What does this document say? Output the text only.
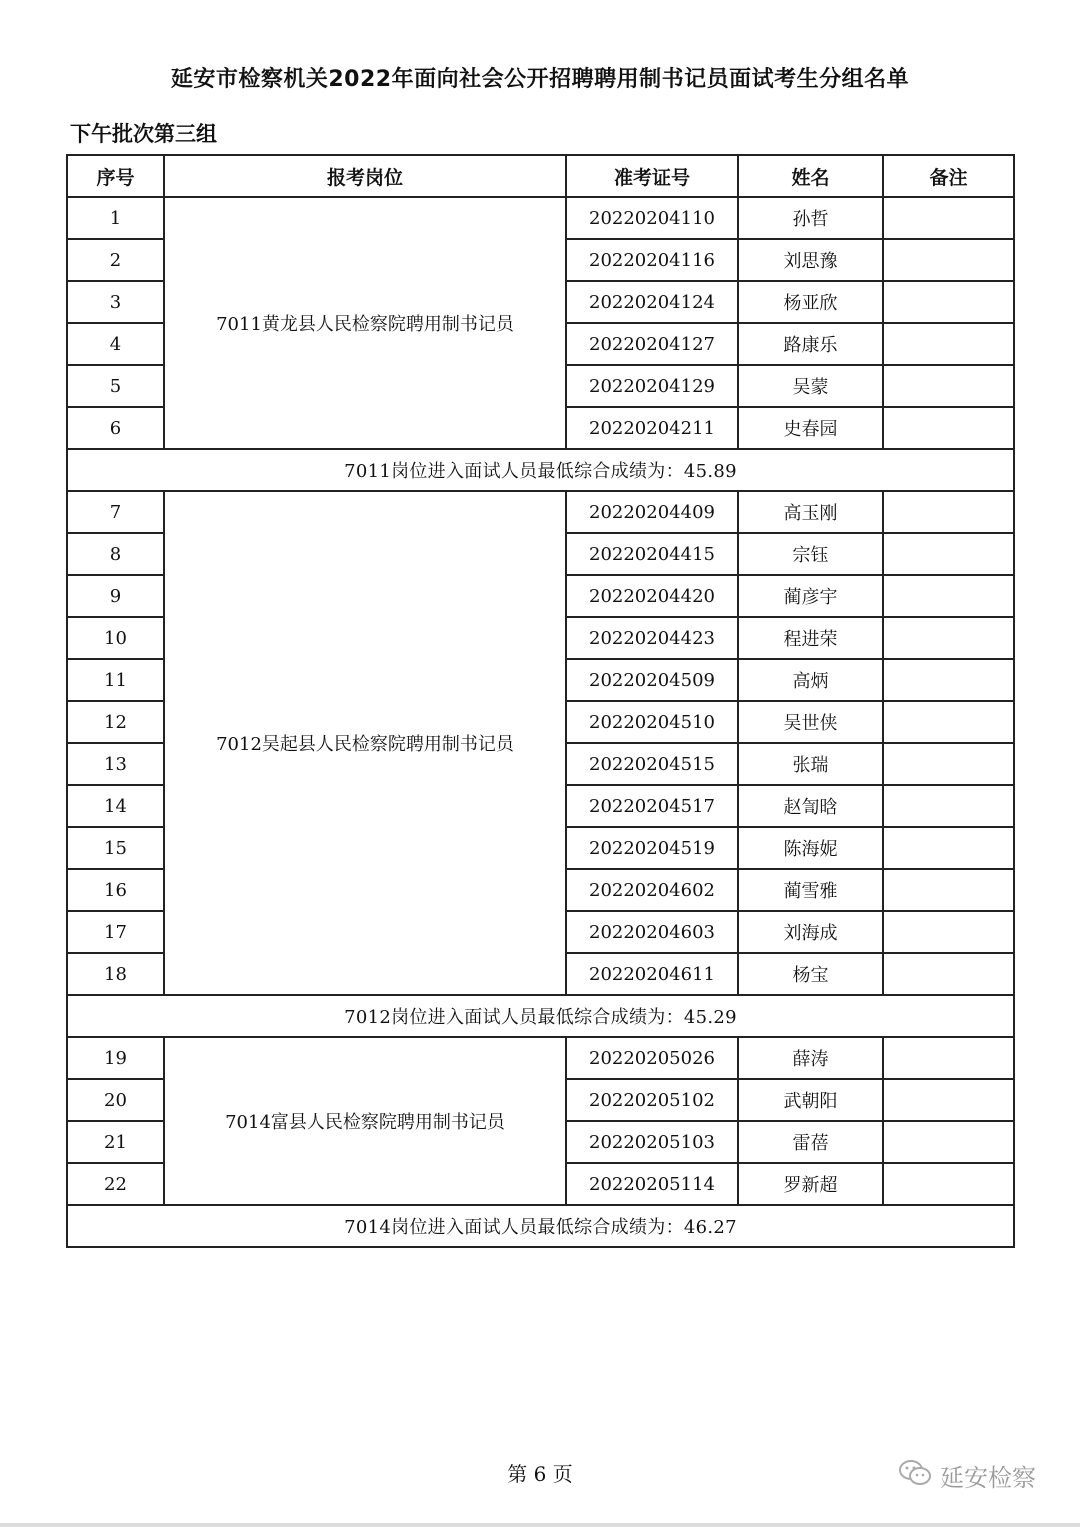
延安市检察机关2022年面向社会公开招聘聘用制书记员面试考生分组名单
下午批次第三组
序号	报考岗位	准考证号	姓名	备注
1	7011黄龙县人民检察院聘用制书记员	20220204110	孙哲	
2		20220204116	刘思豫	
3		20220204124	杨亚欣	
4		20220204127	路康乐	
5		20220204129	吴蒙	
6		20220204211	史春园	
7011岗位进入面试人员最低综合成绩为：45.89				
7	7012吴起县人民检察院聘用制书记员	20220204409	高玉刚	
8		20220204415	宗钰	
9		20220204420	蔺彦宇	
10		20220204423	程进荣	
11		20220204509	高炳	
12		20220204510	吴世侠	
13		20220204515	张瑞	
14		20220204517	赵訇晗	
15		20220204519	陈海妮	
16		20220204602	蔺雪雅	
17		20220204603	刘海成	
18		20220204611	杨宝	
7012岗位进入面试人员最低综合成绩为：45.29				
19	7014富县人民检察院聘用制书记员	20220205026	薛涛	
20		20220205102	武朝阳	
21		20220205103	雷蓓	
22		20220205114	罗新超	
7014岗位进入面试人员最低综合成绩为：46.27				
第 6 页	延安检察
